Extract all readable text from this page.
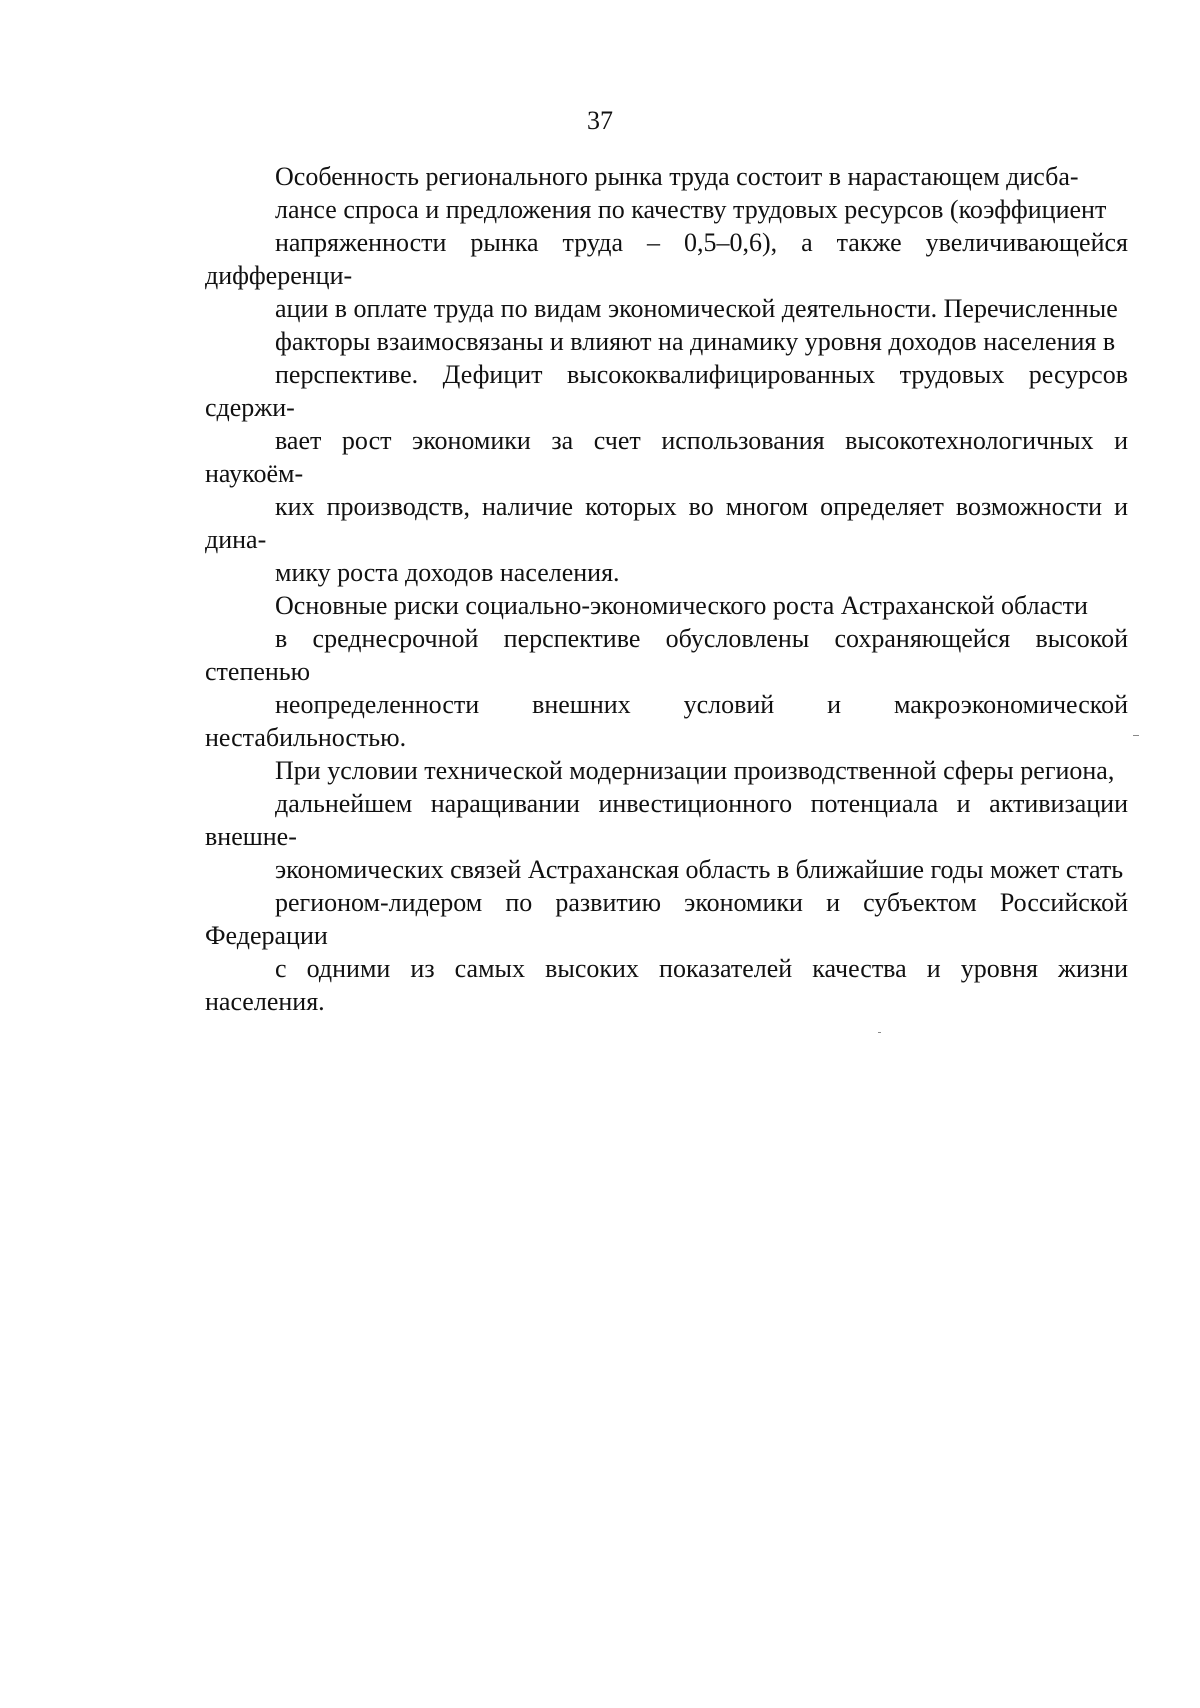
37

Особенность регионального рынка труда состоит в нарастающем дисба-
лансе спроса и предложения по качеству трудовых ресурсов (коэффициент
напряженности рынка труда – 0,5–0,6), а также увеличивающейся дифференци-
ации в оплате труда по видам экономической деятельности. Перечисленные
факторы взаимосвязаны и влияют на динамику уровня доходов населения в
перспективе. Дефицит высококвалифицированных трудовых ресурсов сдержи-
вает рост экономики за счет использования высокотехнологичных и наукоём-
ких производств, наличие которых во многом определяет возможности и дина-
мику роста доходов населения.

Основные риски социально-экономического роста Астраханской области
в среднесрочной перспективе обусловлены сохраняющейся высокой степенью
неопределенности внешних условий и макроэкономической нестабильностью.
При условии технической модернизации производственной сферы региона,
дальнейшем наращивании инвестиционного потенциала и активизации внешне-
экономических связей Астраханская область в ближайшие годы может стать
регионом-лидером по развитию экономики и субъектом Российской Федерации
с одними из самых высоких показателей качества и уровня жизни населения.
